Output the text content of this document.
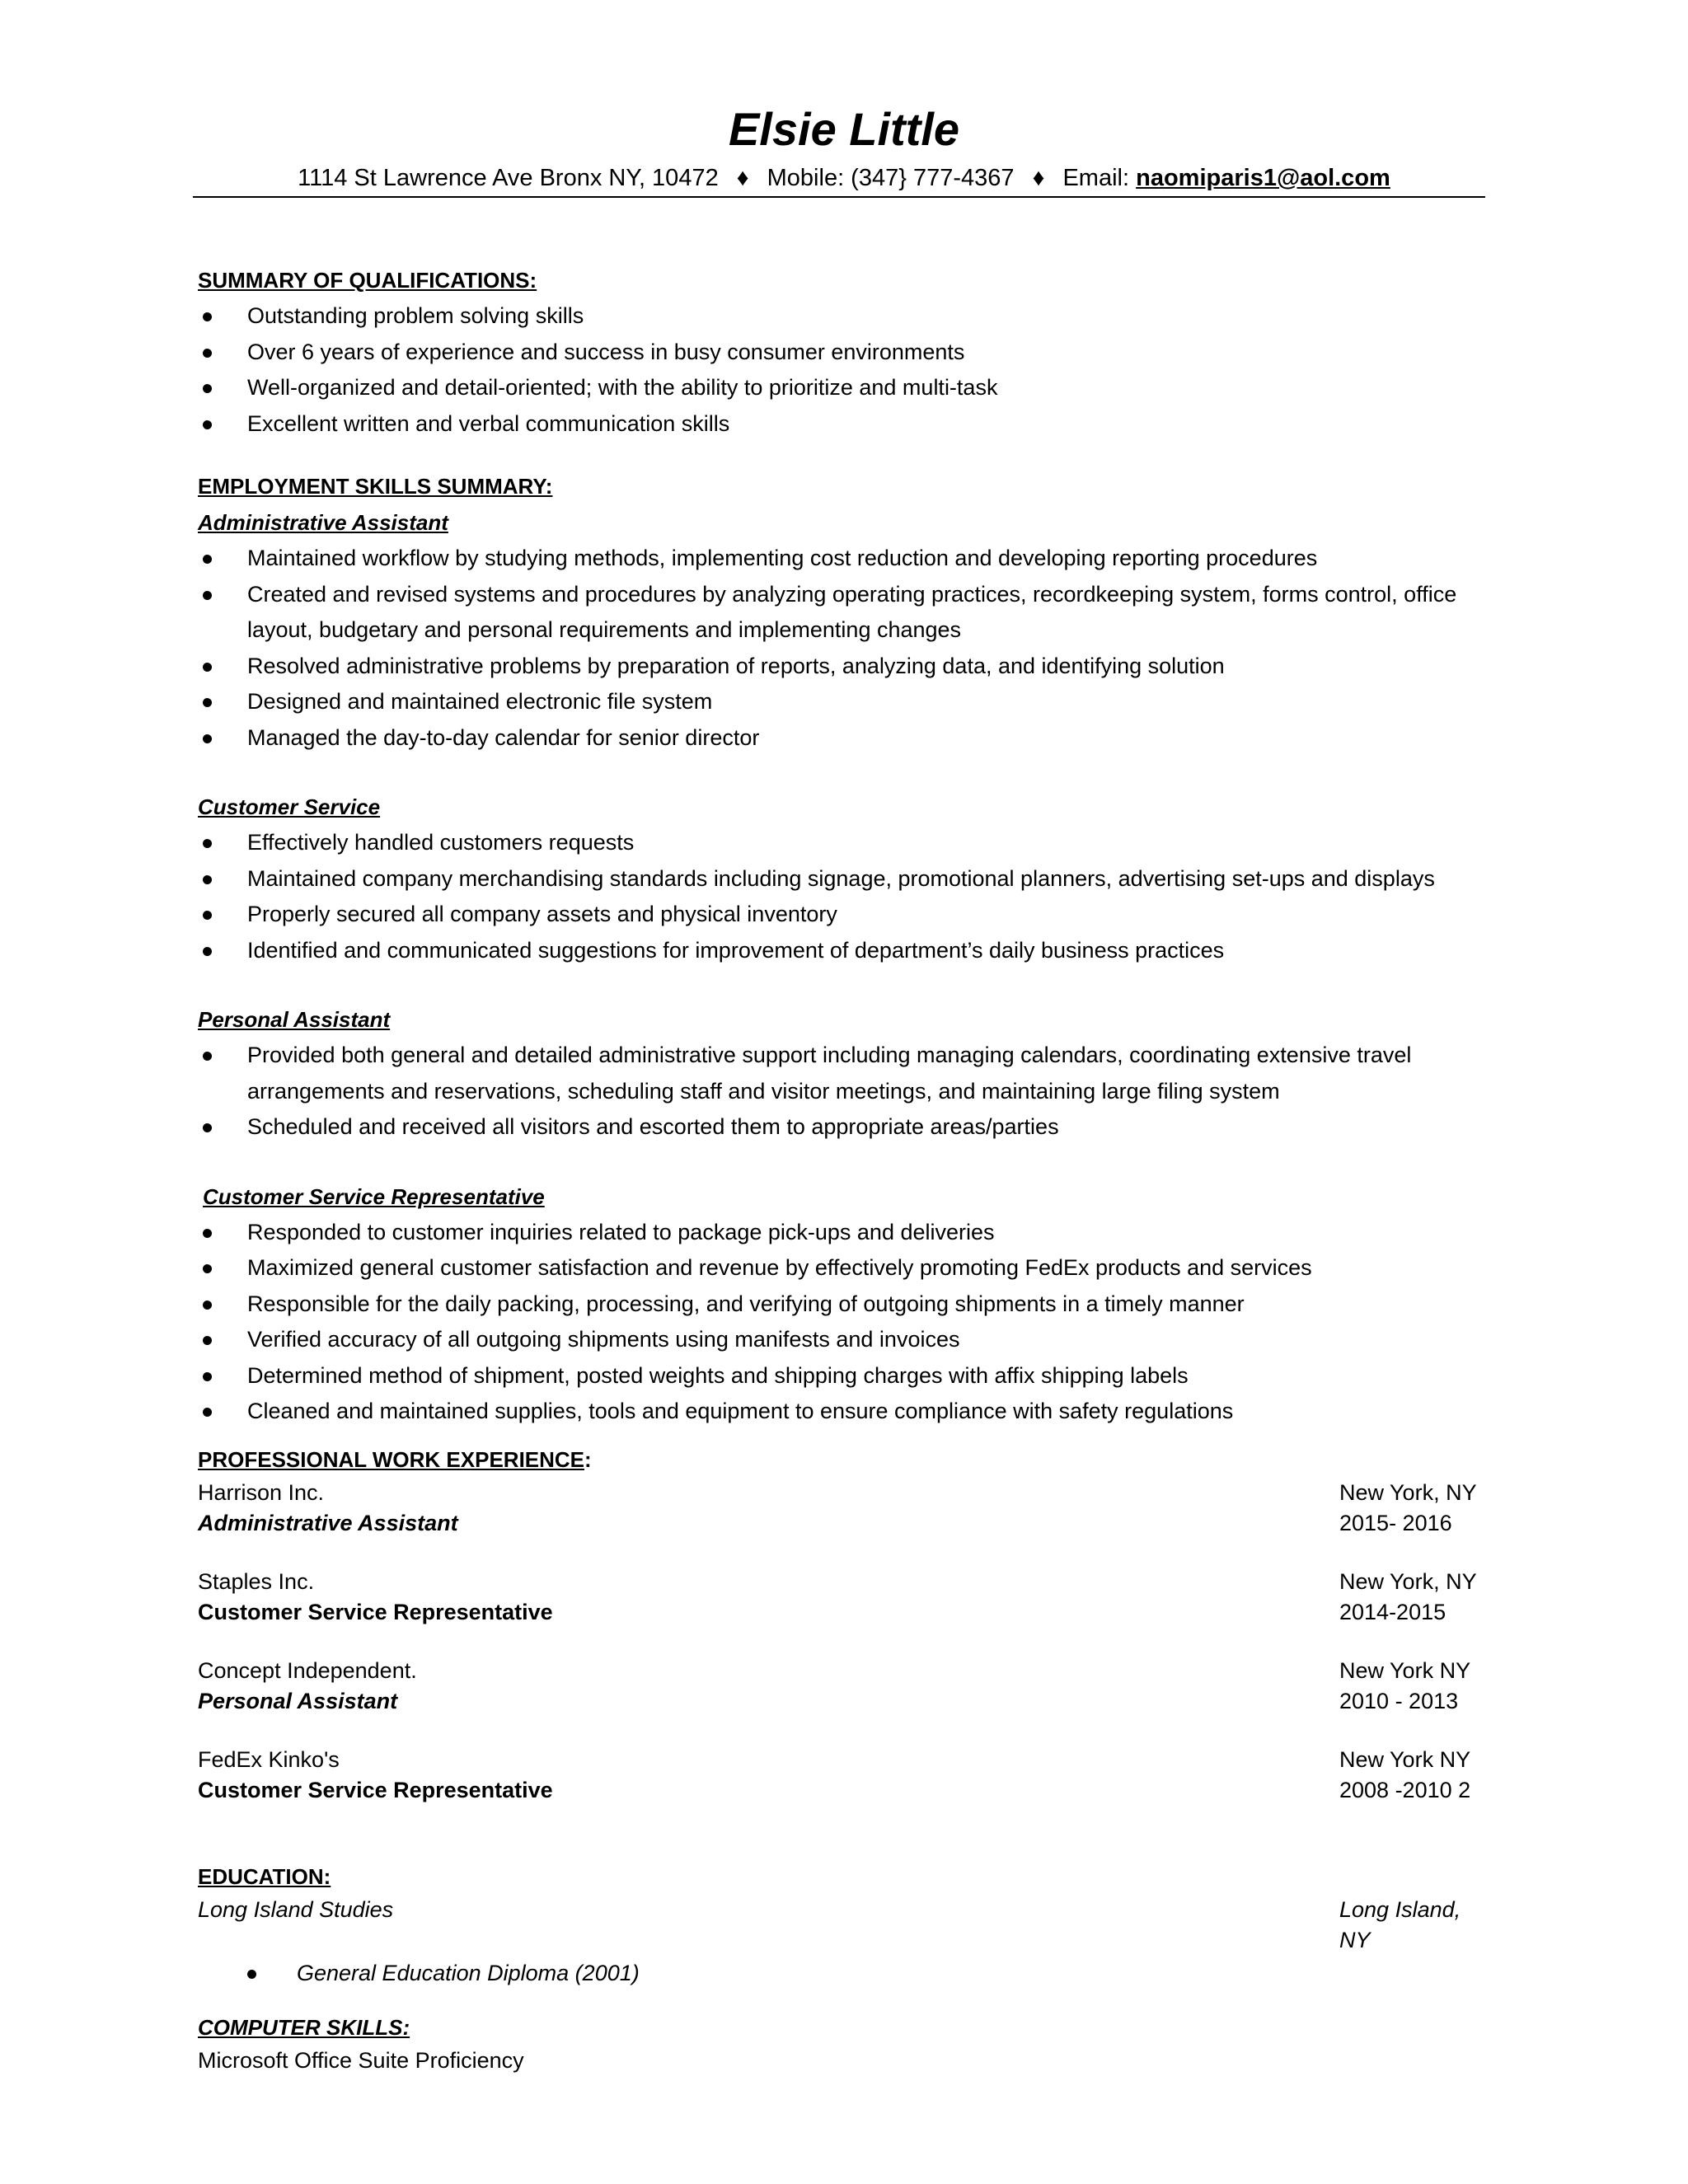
Elsie Little
1114 St Lawrence Ave Bronx NY, 10472 ♦ Mobile: (347} 777-4367 ♦ Email: naomiparis1@aol.com
SUMMARY OF QUALIFICATIONS:
Outstanding problem solving skills
Over 6 years of experience and success in busy consumer environments
Well-organized and detail-oriented; with the ability to prioritize and multi-task
Excellent written and verbal communication skills
EMPLOYMENT SKILLS SUMMARY:
Administrative Assistant
Maintained workflow by studying methods, implementing cost reduction and developing reporting procedures
Created and revised systems and procedures by analyzing operating practices, recordkeeping system, forms control, office layout, budgetary and personal requirements and implementing changes
Resolved administrative problems by preparation of reports, analyzing data, and identifying solution
Designed and maintained electronic file system
Managed the day-to-day calendar for senior director
Customer Service
Effectively handled customers requests
Maintained company merchandising standards including signage, promotional planners, advertising set-ups and displays
Properly secured all company assets and physical inventory
Identified and communicated suggestions for improvement of department’s daily business practices
Personal Assistant
Provided both general and detailed administrative support including managing calendars, coordinating extensive travel arrangements and reservations, scheduling staff and visitor meetings, and maintaining large filing system
Scheduled and received all visitors and escorted them to appropriate areas/parties
Customer Service Representative
Responded to customer inquiries related to package pick-ups and deliveries
Maximized general customer satisfaction and revenue by effectively promoting FedEx products and services
Responsible for the daily packing, processing, and verifying of outgoing shipments in a timely manner
Verified accuracy of all outgoing shipments using manifests and invoices
Determined method of shipment, posted weights and shipping charges with affix shipping labels
Cleaned and maintained supplies, tools and equipment to ensure compliance with safety regulations
PROFESSIONAL WORK EXPERIENCE:
Harrison Inc.	New York, NY
Administrative Assistant	2015- 2016
Staples Inc.	New York, NY
Customer Service Representative	2014-2015
Concept Independent.	New York NY
Personal Assistant	2010 - 2013
FedEx Kinko's	New York NY
Customer Service Representative	2008 -2010 2
EDUCATION:
Long Island Studies	Long Island, NY
General Education Diploma (2001)
COMPUTER SKILLS:
Microsoft Office Suite Proficiency
